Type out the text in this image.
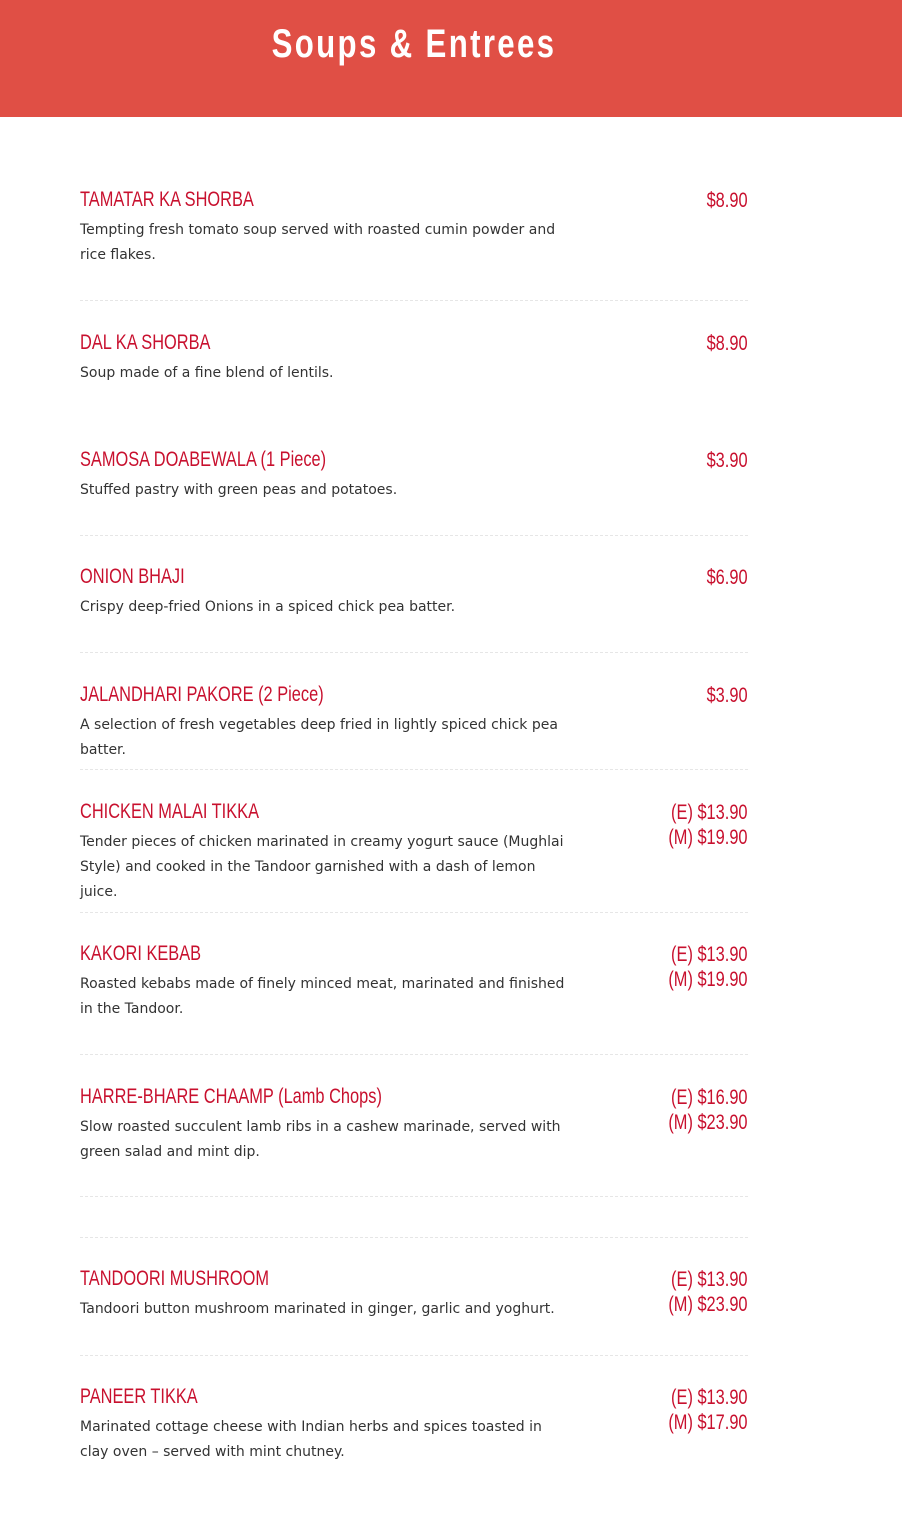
Soups & Entrees
TAMATAR KA SHORBA	$8.90
Tempting fresh tomato soup served with roasted cumin powder and rice flakes.
DAL KA SHORBA	$8.90
Soup made of a fine blend of lentils.
SAMOSA DOABEWALA (1 Piece)	$3.90
Stuffed pastry with green peas and potatoes.
ONION BHAJI	$6.90
Crispy deep-fried Onions in a spiced chick pea batter.
JALANDHARI PAKORE (2 Piece)	$3.90
A selection of fresh vegetables deep fried in lightly spiced chick pea batter.
CHICKEN MALAI TIKKA	(E) $13.90
(M) $19.90
Tender pieces of chicken marinated in creamy yogurt sauce (Mughlai Style) and cooked in the Tandoor garnished with a dash of lemon juice.
KAKORI KEBAB	(E) $13.90
(M) $19.90
Roasted kebabs made of finely minced meat, marinated and finished in the Tandoor.
HARRE-BHARE CHAAMP (Lamb Chops)	(E) $16.90
(M) $23.90
Slow roasted succulent lamb ribs in a cashew marinade, served with green salad and mint dip.
TANDOORI MUSHROOM	(E) $13.90
(M) $23.90
Tandoori button mushroom marinated in ginger, garlic and yoghurt.
PANEER TIKKA	(E) $13.90
(M) $17.90
Marinated cottage cheese with Indian herbs and spices toasted in clay oven – served with mint chutney.
